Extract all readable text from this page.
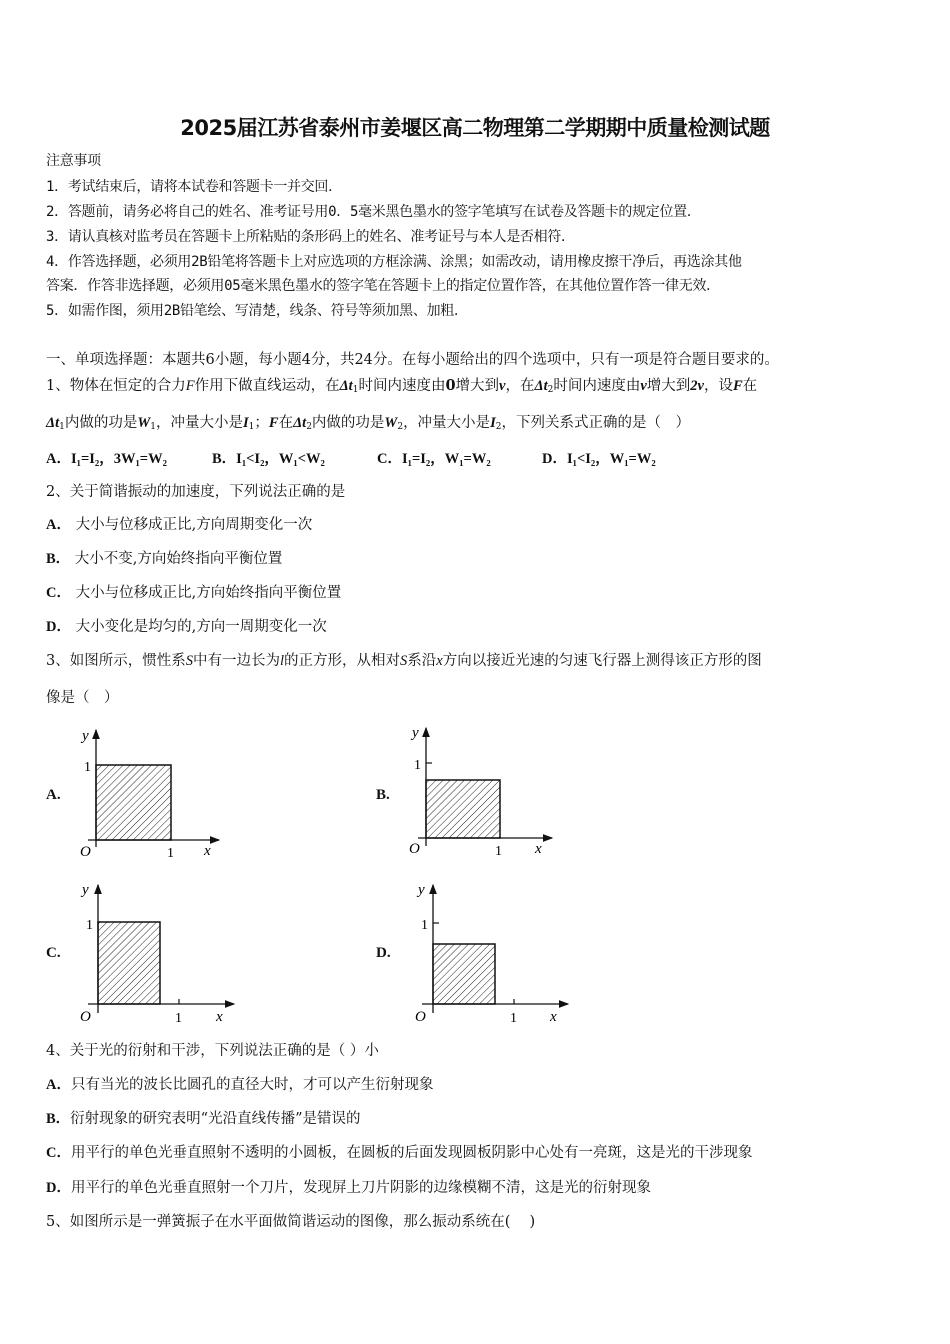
2025届江苏省泰州市姜堰区高二物理第二学期期中质量检测试题
注意事项
1．考试结束后，请将本试卷和答题卡一并交回．
2．答题前，请务必将自己的姓名、准考证号用0．5毫米黑色墨水的签字笔填写在试卷及答题卡的规定位置．
3．请认真核对监考员在答题卡上所粘贴的条形码上的姓名、准考证号与本人是否相符．
4．作答选择题，必须用2B铅笔将答题卡上对应选项的方框涂满、涂黑；如需改动，请用橡皮擦干净后，再选涂其他
答案．作答非选择题，必须用05毫米黑色墨水的签字笔在答题卡上的指定位置作答，在其他位置作答一律无效．
5．如需作图，须用2B铅笔绘、写清楚，线条、符号等须加黑、加粗．
一、单项选择题：本题共6小题，每小题4分，共24分。在每小题给出的四个选项中，只有一项是符合题目要求的。
1、物体在恒定的合力F作用下做直线运动，在$\Delta t_1$时间内速度由0增大到v，在$\Delta t_2$时间内速度由v增大到2v，设F在
$\Delta t_1$内做的功是$W_1$，冲量大小是$I_1$；F在$\Delta t_2$内做的功是$W_2$，冲量大小是$I_2$，下列关系式正确的是（　）
A．I₁=I₂，3W₁=W₂	B．I₁<I₂，W₁<W₂	C．I₁=I₂，W₁=W₂	D．I₁<I₂，W₁=W₂
2、关于简谐振动的加速度，下列说法正确的是
A． 大小与位移成正比,方向周期变化一次
B． 大小不变,方向始终指向平衡位置
C． 大小与位移成正比,方向始终指向平衡位置
D． 大小变化是均匀的,方向一周期变化一次
3、如图所示，惯性系S中有一边长为l的正方形，从相对S系沿x方向以接近光速的匀速飞行器上测得该正方形的图
像是（　）
A.
y
x
O
1
1
B.
y
x
O
1
1
C.
y
x
O
1
1
D.
y
x
O
1
1
4、关于光的衍射和干涉，下列说法正确的是（ ）小
A．只有当光的波长比圆孔的直径大时，才可以产生衍射现象
B．衍射现象的研究表明“光沿直线传播”是错误的
C．用平行的单色光垂直照射不透明的小圆板，在圆板的后面发现圆板阴影中心处有一亮斑，这是光的干涉现象
D．用平行的单色光垂直照射一个刀片，发现屏上刀片阴影的边缘模糊不清，这是光的衍射现象
5、如图所示是一弹簧振子在水平面做简谐运动的图像，那么振动系统在(　 )
